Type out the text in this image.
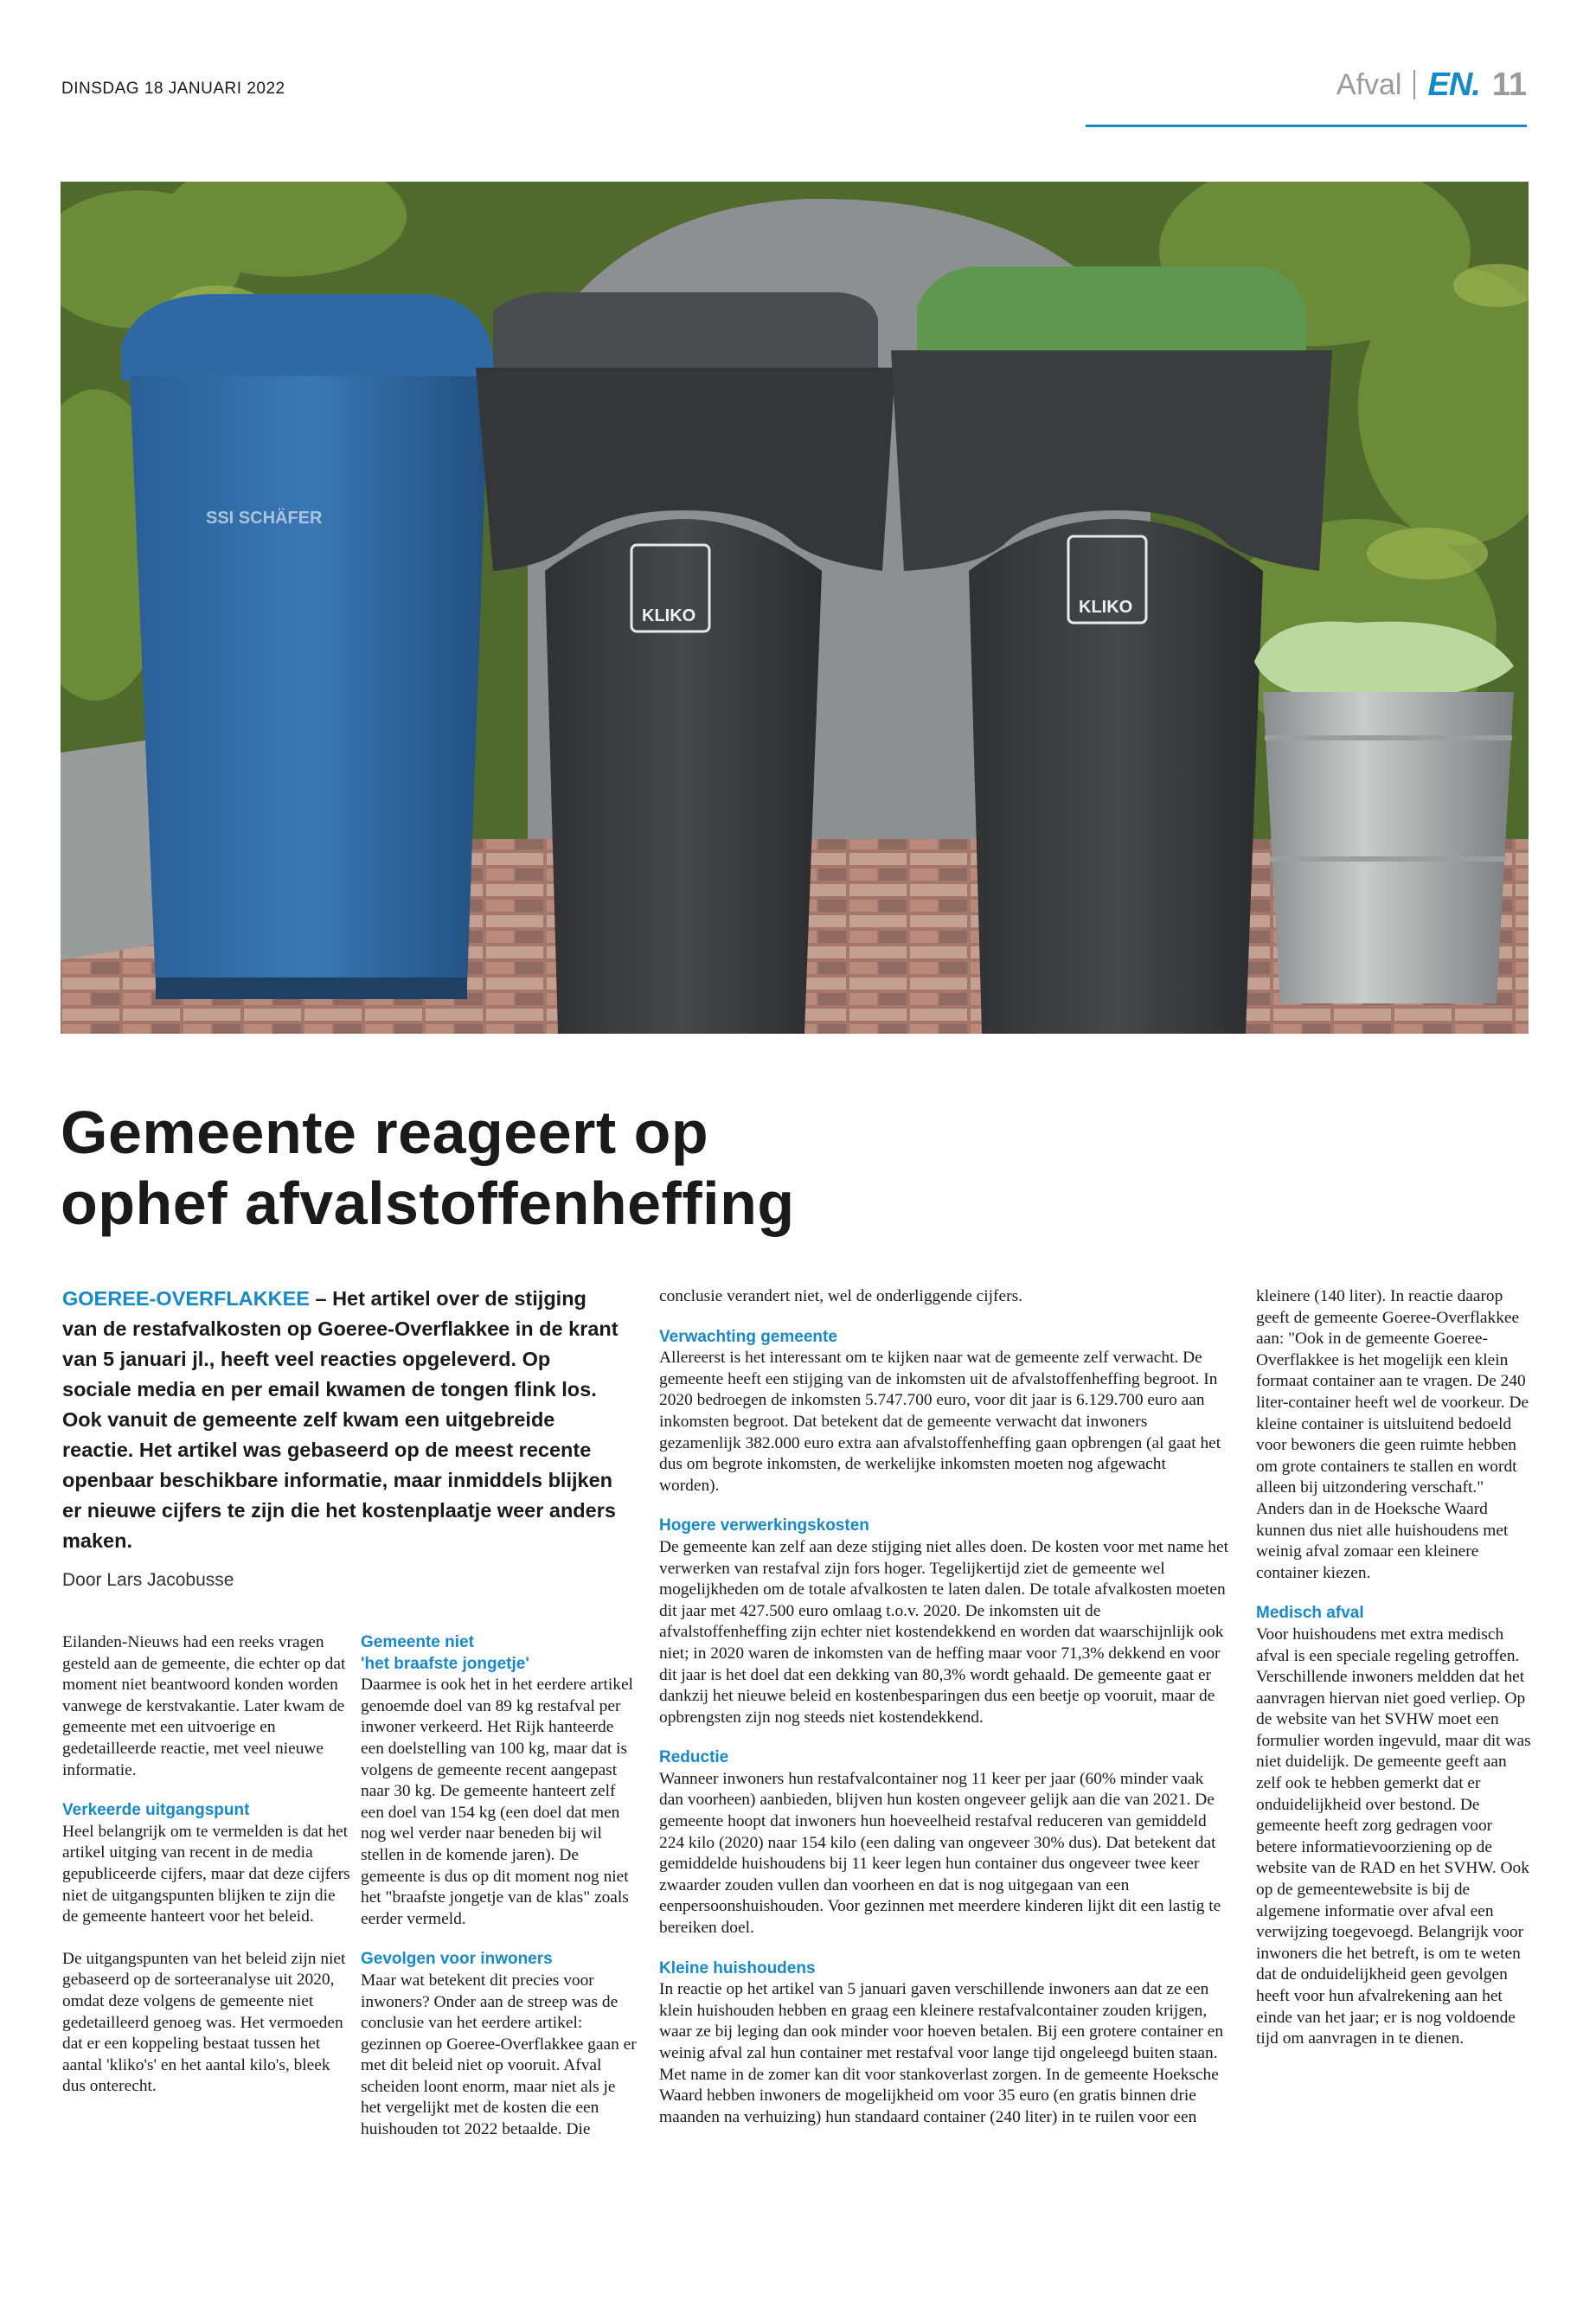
DINSDAG 18 JANUARI 2022	Afval EN. 11
SSI SCHÄFER
KLIKO	KLIKO
Gemeente reageert op
ophef afvalstoffenheffing

GOEREE-OVERFLAKKEE – Het artikel over de stijging van de restafvalkosten op Goeree-Overflakkee in de krant van 5 januari jl., heeft veel reacties opgeleverd. Op sociale media en per email kwamen de tongen flink los. Ook vanuit de gemeente zelf kwam een uitgebreide reactie. Het artikel was gebaseerd op de meest recente openbaar beschikbare informatie, maar inmiddels blijken er nieuwe cijfers te zijn die het kostenplaatje weer anders maken.

Door Lars Jacobusse

Eilanden-Nieuws had een reeks vragen gesteld aan de gemeente, die echter op dat moment niet beantwoord konden worden vanwege de kerstvakantie. Later kwam de gemeente met een uitvoerige en gedetailleerde reactie, met veel nieuwe informatie.

Verkeerde uitgangspunt

Heel belangrijk om te vermelden is dat het artikel uitging van recent in de media gepubliceerde cijfers, maar dat deze cijfers niet de uitgangspunten blijken te zijn die de gemeente hanteert voor het beleid.

De uitgangspunten van het beleid zijn niet gebaseerd op de sorteeranalyse uit 2020, omdat deze volgens de gemeente niet gedetailleerd genoeg was. Het vermoeden dat er een koppeling bestaat tussen het aantal 'kliko's' en het aantal kilo's, bleek dus onterecht.

Gemeente niet
'het braafste jongetje'

Daarmee is ook het in het eerdere artikel genoemde doel van 89 kg restafval per inwoner verkeerd. Het Rijk hanteerde een doelstelling van 100 kg, maar dat is volgens de gemeente recent aangepast naar 30 kg. De gemeente hanteert zelf een doel van 154 kg (een doel dat men nog wel verder naar beneden bij wil stellen in de komende jaren). De gemeente is dus op dit moment nog niet het "braafste jongetje van de klas" zoals eerder vermeld.

Gevolgen voor inwoners

Maar wat betekent dit precies voor inwoners? Onder aan de streep was de conclusie van het eerdere artikel: gezinnen op Goeree-Overflakkee gaan er met dit beleid niet op vooruit. Afval scheiden loont enorm, maar niet als je het vergelijkt met de kosten die een huishouden tot 2022 betaalde. Die

conclusie verandert niet, wel de onderliggende cijfers.

Verwachting gemeente

Allereerst is het interessant om te kijken naar wat de gemeente zelf verwacht. De gemeente heeft een stijging van de inkomsten uit de afvalstoffenheffing begroot. In 2020 bedroegen de inkomsten 5.747.700 euro, voor dit jaar is 6.129.700 euro aan inkomsten begroot. Dat betekent dat de gemeente verwacht dat inwoners gezamenlijk 382.000 euro extra aan afvalstoffenheffing gaan opbrengen (al gaat het dus om begrote inkomsten, de werkelijke inkomsten moeten nog afgewacht worden).

Hogere verwerkingskosten

De gemeente kan zelf aan deze stijging niet alles doen. De kosten voor met name het verwerken van restafval zijn fors hoger. Tegelijkertijd ziet de gemeente wel mogelijkheden om de totale afvalkosten te laten dalen. De totale afvalkosten moeten dit jaar met 427.500 euro omlaag t.o.v. 2020. De inkomsten uit de afvalstoffenheffing zijn echter niet kostendekkend en worden dat waarschijnlijk ook niet; in 2020 waren de inkomsten van de heffing maar voor 71,3% dekkend en voor dit jaar is het doel dat een dekking van 80,3% wordt gehaald. De gemeente gaat er dankzij het nieuwe beleid en kostenbesparingen dus een beetje op vooruit, maar de opbrengsten zijn nog steeds niet kostendekkend.

Reductie

Wanneer inwoners hun restafvalcontainer nog 11 keer per jaar (60% minder vaak dan voorheen) aanbieden, blijven hun kosten ongeveer gelijk aan die van 2021. De gemeente hoopt dat inwoners hun hoeveelheid restafval reduceren van gemiddeld 224 kilo (2020) naar 154 kilo (een daling van ongeveer 30% dus). Dat betekent dat gemiddelde huishoudens bij 11 keer legen hun container dus ongeveer twee keer zwaarder zouden vullen dan voorheen en dat is nog uitgegaan van een eenpersoonshuishouden. Voor gezinnen met meerdere kinderen lijkt dit een lastig te bereiken doel.

Kleine huishoudens

In reactie op het artikel van 5 januari gaven verschillende inwoners aan dat ze een klein huishouden hebben en graag een kleinere restafvalcontainer zouden krijgen, waar ze bij leging dan ook minder voor hoeven betalen. Bij een grotere container en weinig afval zal hun container met restafval voor lange tijd ongeleegd buiten staan. Met name in de zomer kan dit voor stankoverlast zorgen. In de gemeente Hoeksche Waard hebben inwoners de mogelijkheid om voor 35 euro (en gratis binnen drie maanden na verhuizing) hun standaard container (240 liter) in te ruilen voor een

kleinere (140 liter). In reactie daarop geeft de gemeente Goeree-Overflakkee aan: "Ook in de gemeente Goeree-Overflakkee is het mogelijk een klein formaat container aan te vragen. De 240 liter-container heeft wel de voorkeur. De kleine container is uitsluitend bedoeld voor bewoners die geen ruimte hebben om grote containers te stallen en wordt alleen bij uitzondering verschaft." Anders dan in de Hoeksche Waard kunnen dus niet alle huishoudens met weinig afval zomaar een kleinere container kiezen.

Medisch afval

Voor huishoudens met extra medisch afval is een speciale regeling getroffen. Verschillende inwoners meldden dat het aanvragen hiervan niet goed verliep. Op de website van het SVHW moet een formulier worden ingevuld, maar dit was niet duidelijk. De gemeente geeft aan zelf ook te hebben gemerkt dat er onduidelijkheid over bestond. De gemeente heeft zorg gedragen voor betere informatievoorziening op de website van de RAD en het SVHW. Ook op de gemeentewebsite is bij de algemene informatie over afval een verwijzing toegevoegd. Belangrijk voor inwoners die het betreft, is om te weten dat de onduidelijkheid geen gevolgen heeft voor hun afvalrekening aan het einde van het jaar; er is nog voldoende tijd om aanvragen in te dienen.
